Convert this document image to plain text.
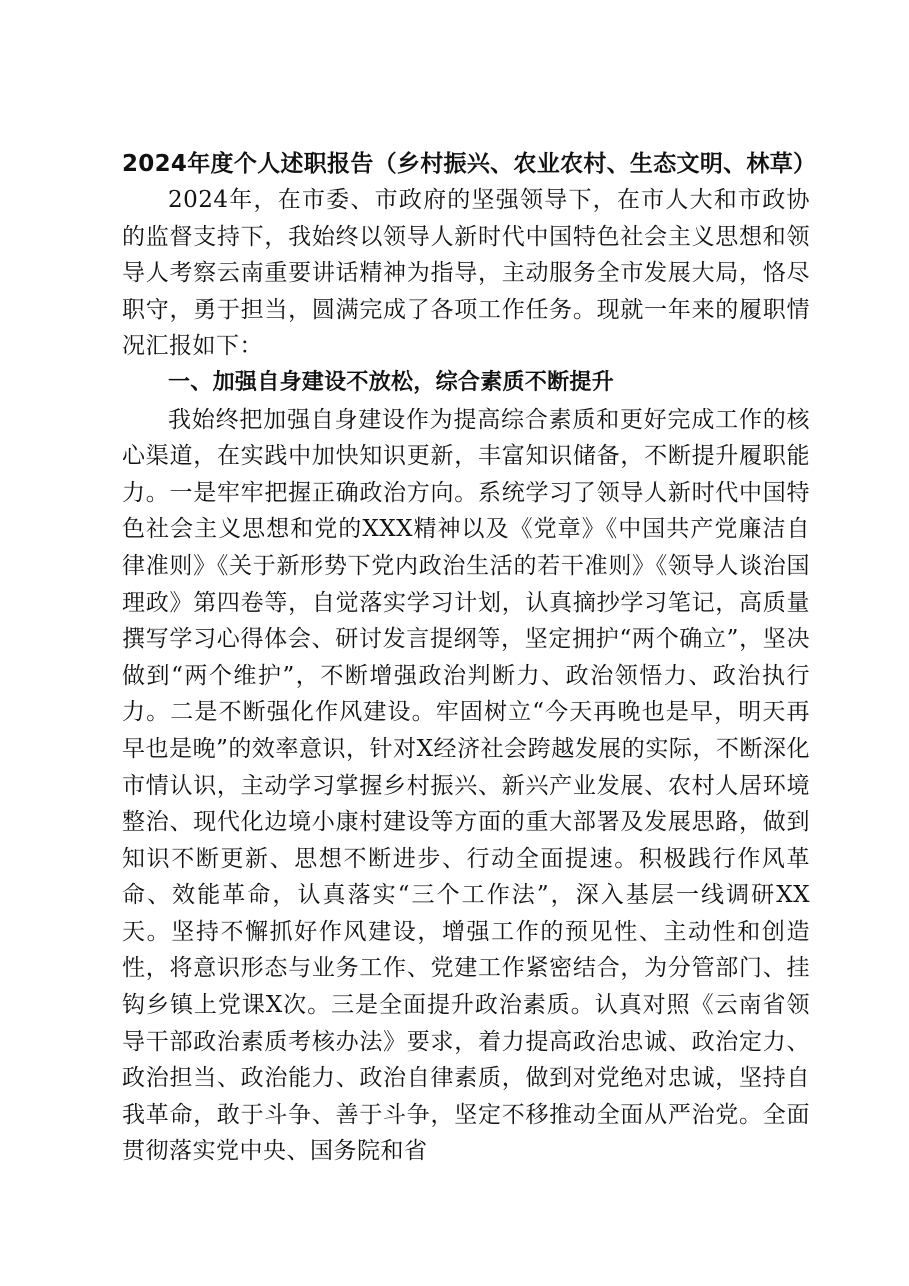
2024年度个人述职报告（乡村振兴、农业农村、生态文明、林草）

2024年，在市委、市政府的坚强领导下，在市人大和市政协的监督支持下，我始终以领导人新时代中国特色社会主义思想和领导人考察云南重要讲话精神为指导，主动服务全市发展大局，恪尽职守，勇于担当，圆满完成了各项工作任务。现就一年来的履职情况汇报如下：

一、加强自身建设不放松，综合素质不断提升

我始终把加强自身建设作为提高综合素质和更好完成工作的核心渠道，在实践中加快知识更新，丰富知识储备，不断提升履职能力。一是牢牢把握正确政治方向。系统学习了领导人新时代中国特色社会主义思想和党的XXX精神以及《党章》《中国共产党廉洁自律准则》《关于新形势下党内政治生活的若干准则》《领导人谈治国理政》第四卷等，自觉落实学习计划，认真摘抄学习笔记，高质量撰写学习心得体会、研讨发言提纲等，坚定拥护“两个确立”，坚决做到“两个维护”，不断增强政治判断力、政治领悟力、政治执行力。二是不断强化作风建设。牢固树立“今天再晚也是早，明天再早也是晚”的效率意识，针对X经济社会跨越发展的实际，不断深化市情认识，主动学习掌握乡村振兴、新兴产业发展、农村人居环境整治、现代化边境小康村建设等方面的重大部署及发展思路，做到知识不断更新、思想不断进步、行动全面提速。积极践行作风革命、效能革命，认真落实“三个工作法”，深入基层一线调研XX天。坚持不懈抓好作风建设，增强工作的预见性、主动性和创造性，将意识形态与业务工作、党建工作紧密结合，为分管部门、挂钩乡镇上党课X次。三是全面提升政治素质。认真对照《云南省领导干部政治素质考核办法》要求，着力提高政治忠诚、政治定力、政治担当、政治能力、政治自律素质，做到对党绝对忠诚，坚持自我革命，敢于斗争、善于斗争，坚定不移推动全面从严治党。全面贯彻落实党中央、国务院和省
